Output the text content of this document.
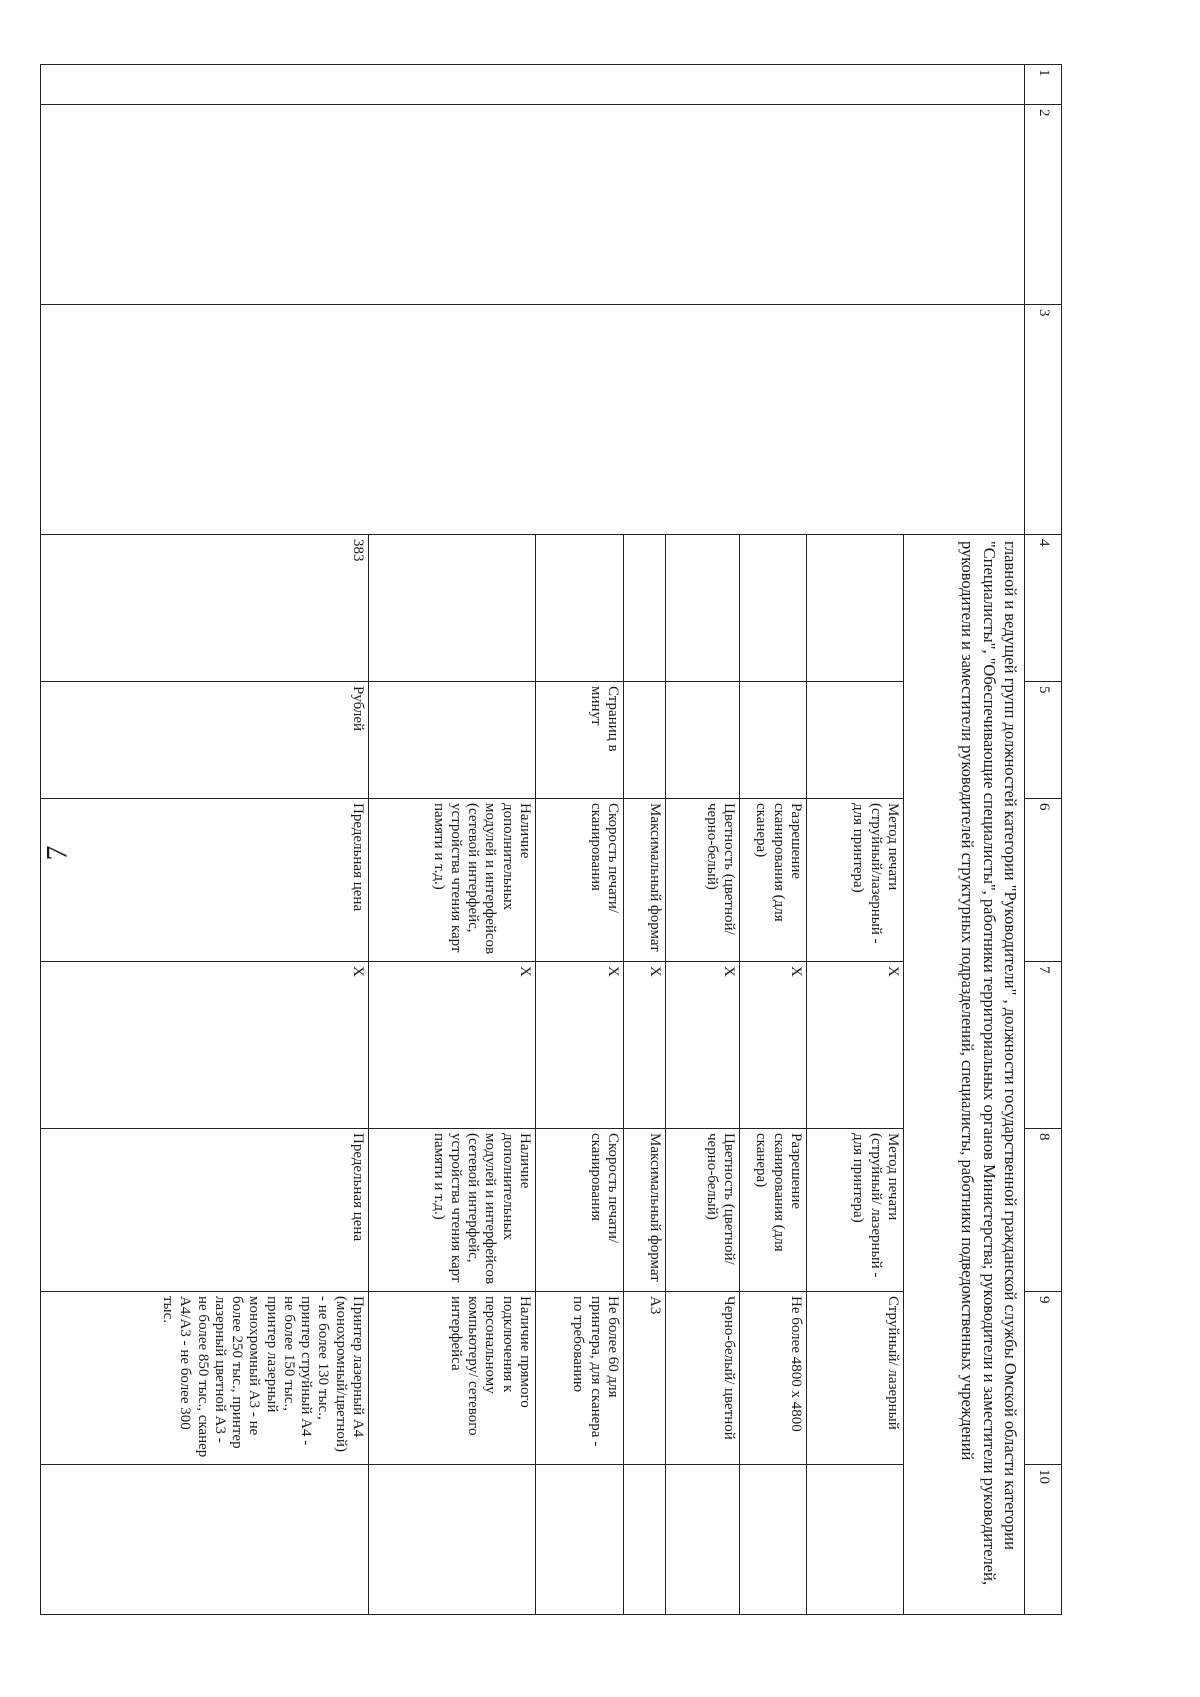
7
1	2	3	4	5	6	7	8	9	10
			главной и ведущей групп должностей категории "Руководители" , должности государственной гражданской службы Омской области категории "Специалисты", "Обеспечивающие специалисты", работники территориальных органов Министерства; руководители и заместители руководителей, руководители и заместители руководителей структурных подразделений, специалисты, работники подведомственных учреждений						
					Метод печати (струйный/лазерный - для принтера)	X	Метод печати (струйный/ лазерный - для принтера)	Струйный/ лазерный	
					Разрешение сканирования (для сканера)	X	Разрешение сканирования (для сканера)	Не более 4800 х 4800	
					Цветность (цветной/ черно-белый)	X	Цветность (цветной/ черно-белый)	Черно-белый/ цветной	
					Максимальный формат	X	Максимальный формат	А3	
				Страниц в минут	Скорость печати/ сканирования	X	Скорость печати/ сканирования	Не более 60 для принтера, для сканера - по требованию	
					Наличие дополнительных модулей и интерфейсов (сетевой интерфейс, устройства чтения карт памяти и т.д.)	X	Наличие дополнительных модулей и интерфейсов (сетевой интерфейс, устройства чтения карт памяти и т.д.)	Наличие прямого подключения к персональному компьютеру/ сетевого интерфейса	
			383	Рублей	Предельная цена	X	Предельная цена	Принтер лазерный А4 (монохромный/цветной) - не более 130 тыс., принтер струйный А4 - не более 150 тыс., принтер лазерный монохромный А3 - не более 250 тыс., принтер лазерный цветной А3 - не более 850 тыс., сканер А4/А3 - не более 300 тыс.	
